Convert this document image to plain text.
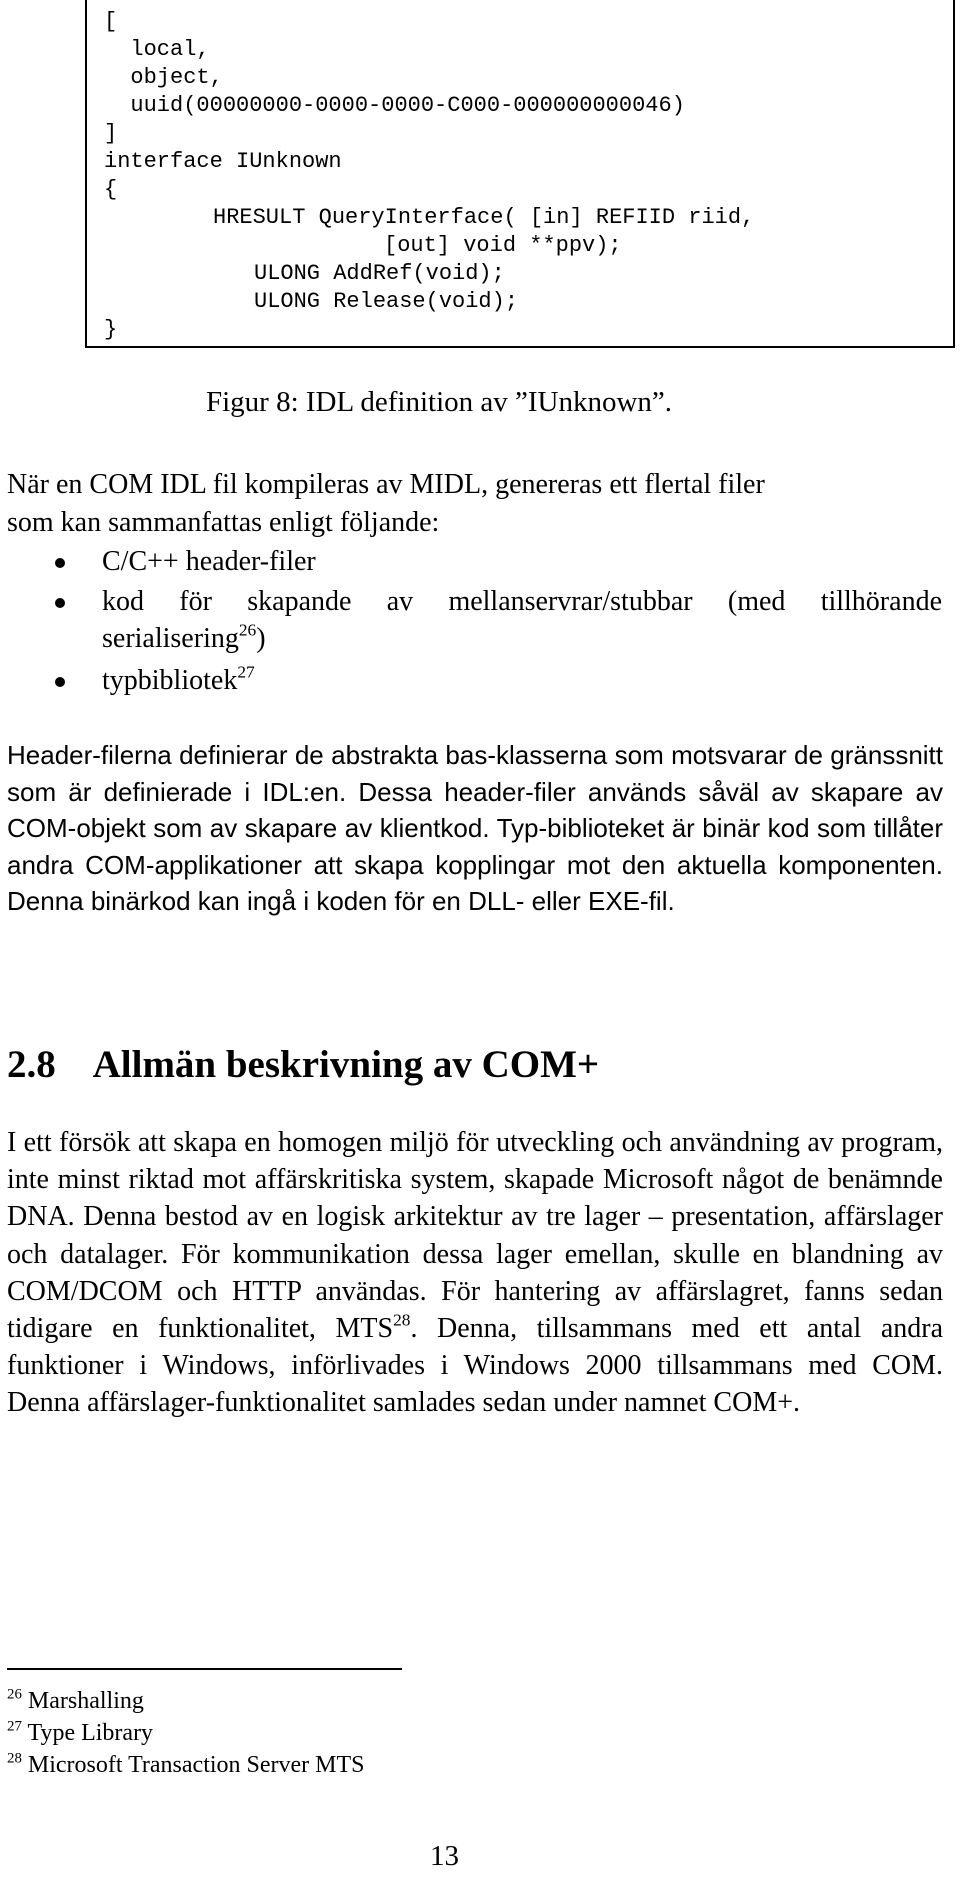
[
local,
object,
uuid(00000000-0000-0000-C000-000000000046)
]
interface IUnknown
{
HRESULT QueryInterface( [in] REFIID riid,
[out] void **ppv);
ULONG AddRef(void);
ULONG Release(void);
}
Figur 8: IDL definition av ”IUnknown”.
När en COM IDL fil kompileras av MIDL, genereras ett flertal filer
som kan sammanfattas enligt följande:
C/C++ header-filer
kod för skapande av mellanservrar/stubbar (med tillhörande serialisering$^{26}$)
typbibliotek$^{27}$
Header-filerna definierar de abstrakta bas-klasserna som motsvarar de gränssnitt som är definierade i IDL:en. Dessa header-filer används såväl av skapare av COM-objekt som av skapare av klientkod. Typ-biblioteket är binär kod som tillåter andra COM-applikationer att skapa kopplingar mot den aktuella komponenten. Denna binärkod kan ingå i koden för en DLL- eller EXE-fil.
2.8 Allmän beskrivning av COM+
I ett försök att skapa en homogen miljö för utveckling och användning av program, inte minst riktad mot affärskritiska system, skapade Microsoft något de benämnde DNA. Denna bestod av en logisk arkitektur av tre lager – presentation, affärslager och datalager. För kommunikation dessa lager emellan, skulle en blandning av COM/DCOM och HTTP användas. För hantering av affärslagret, fanns sedan tidigare en funktionalitet, MTS$^{28}$. Denna, tillsammans med ett antal andra funktioner i Windows, införlivades i Windows 2000 tillsammans med COM. Denna affärslager-funktionalitet samlades sedan under namnet COM+.
$^{26}$ Marshalling
$^{27}$ Type Library
$^{28}$ Microsoft Transaction Server MTS
13
